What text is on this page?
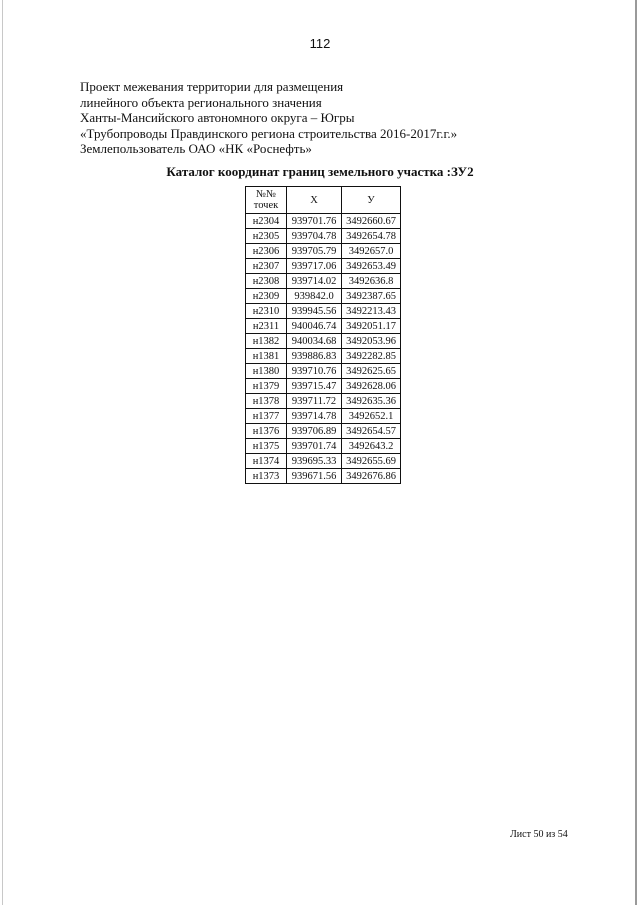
112
Проект межевания территории для размещения
линейного объекта регионального значения
Ханты-Мансийского автономного округа – Югры
«Трубопроводы Правдинского региона строительства 2016-2017г.г.»
Землепользователь ОАО «НК «Роснефть»
Каталог координат границ земельного участка :ЗУ2
№№
точек	Х	У
н2304	939701.76	3492660.67
н2305	939704.78	3492654.78
н2306	939705.79	3492657.0
н2307	939717.06	3492653.49
н2308	939714.02	3492636.8
н2309	939842.0	3492387.65
н2310	939945.56	3492213.43
н2311	940046.74	3492051.17
н1382	940034.68	3492053.96
н1381	939886.83	3492282.85
н1380	939710.76	3492625.65
н1379	939715.47	3492628.06
н1378	939711.72	3492635.36
н1377	939714.78	3492652.1
н1376	939706.89	3492654.57
н1375	939701.74	3492643.2
н1374	939695.33	3492655.69
н1373	939671.56	3492676.86
Лист 50 из 54
